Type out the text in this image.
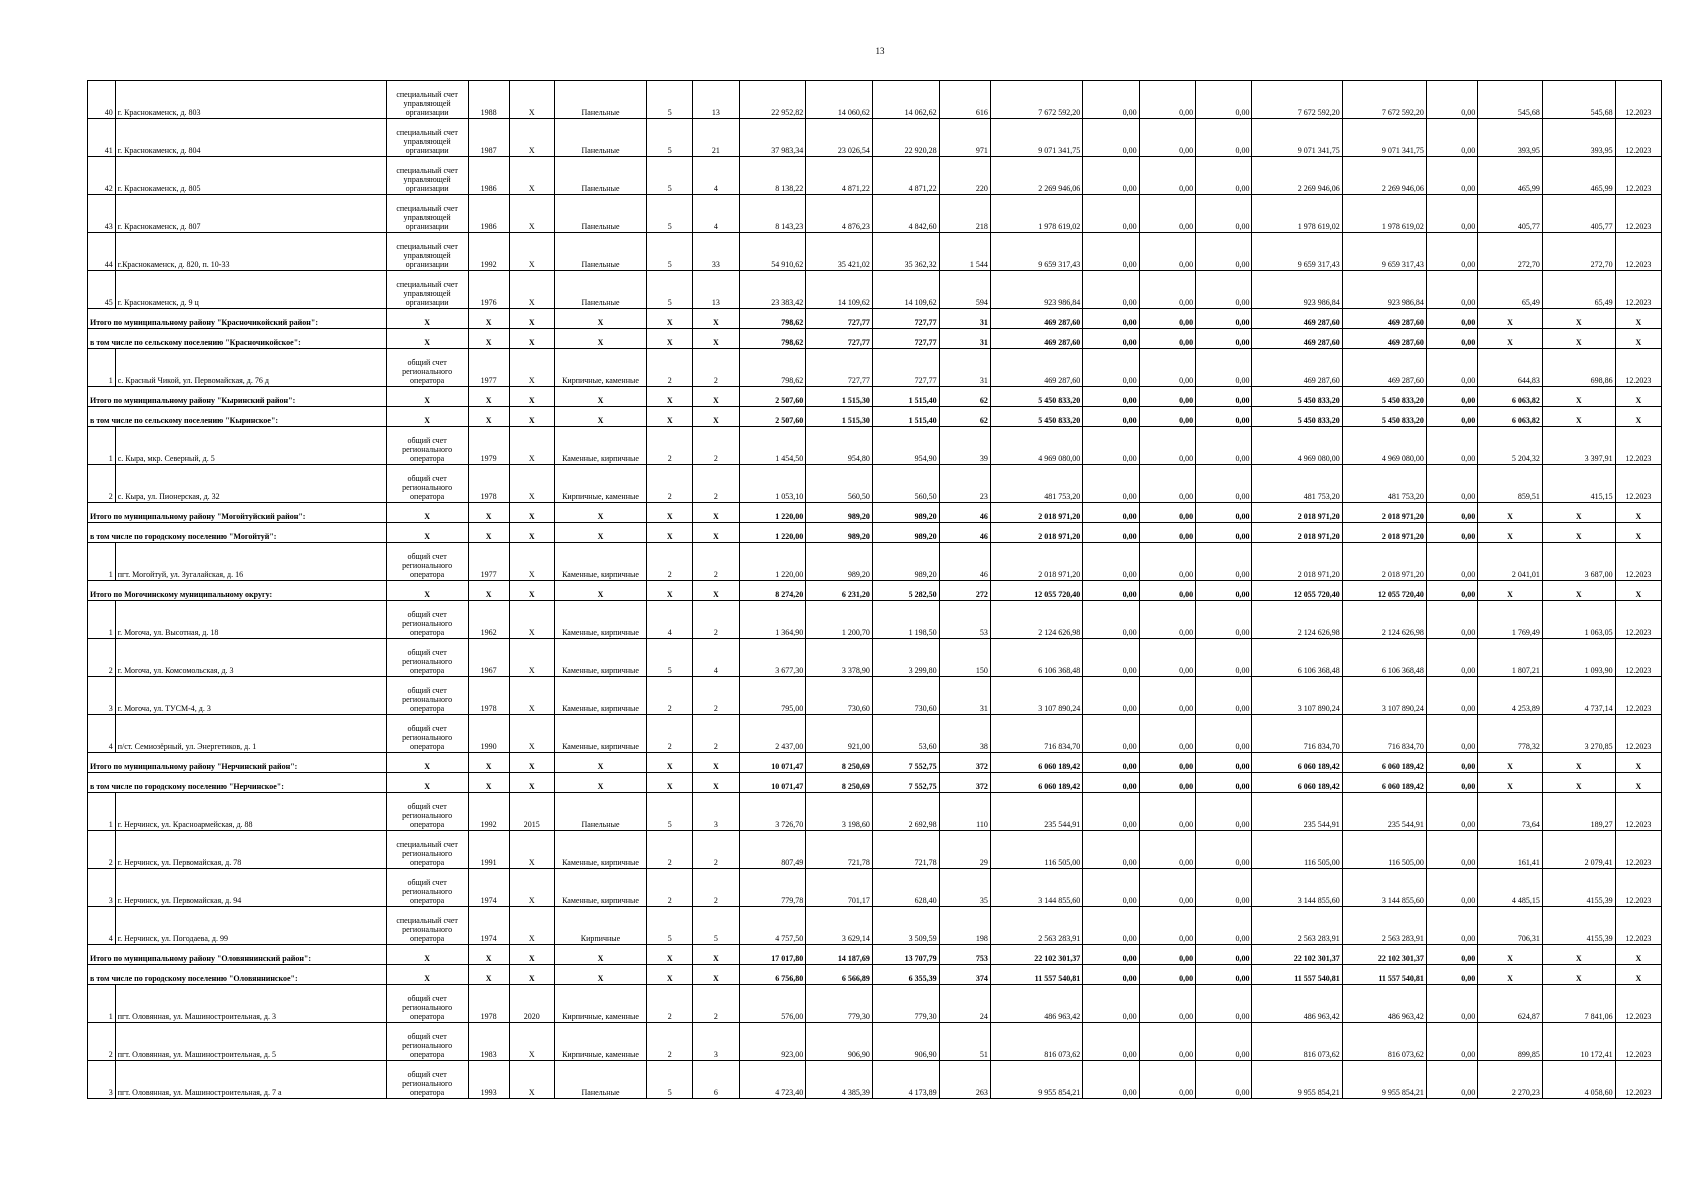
13
40	г. Краснокаменск, д. 803	специальный счет управляющей организации	1988	X	Панельные	5	13	22 952,82	14 060,62	14 062,62	616	7 672 592,20	0,00	0,00	0,00	7 672 592,20	7 672 592,20	0,00	545,68	545,68	12.2023
41	г. Краснокаменск, д. 804	специальный счет управляющей организации	1987	X	Панельные	5	21	37 983,34	23 026,54	22 920,28	971	9 071 341,75	0,00	0,00	0,00	9 071 341,75	9 071 341,75	0,00	393,95	393,95	12.2023
42	г. Краснокаменск, д. 805	специальный счет управляющей организации	1986	X	Панельные	5	4	8 138,22	4 871,22	4 871,22	220	2 269 946,06	0,00	0,00	0,00	2 269 946,06	2 269 946,06	0,00	465,99	465,99	12.2023
43	г. Краснокаменск, д. 807	специальный счет управляющей организации	1986	X	Панельные	5	4	8 143,23	4 876,23	4 842,60	218	1 978 619,02	0,00	0,00	0,00	1 978 619,02	1 978 619,02	0,00	405,77	405,77	12.2023
44	г.Краснокаменск, д. 820, п. 10-33	специальный счет управляющей организации	1992	X	Панельные	5	33	54 910,62	35 421,02	35 362,32	1 544	9 659 317,43	0,00	0,00	0,00	9 659 317,43	9 659 317,43	0,00	272,70	272,70	12.2023
45	г. Краснокаменск, д. 9 ц	специальный счет управляющей организации	1976	X	Панельные	5	13	23 383,42	14 109,62	14 109,62	594	923 986,84	0,00	0,00	0,00	923 986,84	923 986,84	0,00	65,49	65,49	12.2023
Итого по муниципальному району "Красночикойский район":		X	X	X	X	X	X	798,62	727,77	727,77	31	469 287,60	0,00	0,00	0,00	469 287,60	469 287,60	0,00	X	X	X
в том числе по сельскому поселению "Красночикойское":		X	X	X	X	X	X	798,62	727,77	727,77	31	469 287,60	0,00	0,00	0,00	469 287,60	469 287,60	0,00	X	X	X
1	с. Красный Чикой, ул. Первомайская, д. 76 д	общий счет регионального оператора	1977	X	Кирпичные, каменные	2	2	798,62	727,77	727,77	31	469 287,60	0,00	0,00	0,00	469 287,60	469 287,60	0,00	644,83	698,86	12.2023
Итого по муниципальному району "Кыринский район":		X	X	X	X	X	X	2 507,60	1 515,30	1 515,40	62	5 450 833,20	0,00	0,00	0,00	5 450 833,20	5 450 833,20	0,00	6 063,82	X	X
в том числе по сельскому поселению "Кыринское":		X	X	X	X	X	X	2 507,60	1 515,30	1 515,40	62	5 450 833,20	0,00	0,00	0,00	5 450 833,20	5 450 833,20	0,00	6 063,82	X	X
1	с. Кыра, мкр. Северный, д. 5	общий счет регионального оператора	1979	X	Каменные, кирпичные	2	2	1 454,50	954,80	954,90	39	4 969 080,00	0,00	0,00	0,00	4 969 080,00	4 969 080,00	0,00	5 204,32	3 397,91	12.2023
2	с. Кыра, ул. Пионерская, д. 32	общий счет регионального оператора	1978	X	Кирпичные, каменные	2	2	1 053,10	560,50	560,50	23	481 753,20	0,00	0,00	0,00	481 753,20	481 753,20	0,00	859,51	415,15	12.2023
Итого по муниципальному району "Могойтуйский район":		X	X	X	X	X	X	1 220,00	989,20	989,20	46	2 018 971,20	0,00	0,00	0,00	2 018 971,20	2 018 971,20	0,00	X	X	X
в том числе по городскому поселению "Могойтуй":		X	X	X	X	X	X	1 220,00	989,20	989,20	46	2 018 971,20	0,00	0,00	0,00	2 018 971,20	2 018 971,20	0,00	X	X	X
1	пгт. Могойтуй, ул. Зугалайская, д. 16	общий счет регионального оператора	1977	X	Каменные, кирпичные	2	2	1 220,00	989,20	989,20	46	2 018 971,20	0,00	0,00	0,00	2 018 971,20	2 018 971,20	0,00	2 041,01	3 687,00	12.2023
Итого по Могочинскому муниципальному округу:		X	X	X	X	X	X	8 274,20	6 231,20	5 282,50	272	12 055 720,40	0,00	0,00	0,00	12 055 720,40	12 055 720,40	0,00	X	X	X
1	г. Могоча, ул. Высотная, д. 18	общий счет регионального оператора	1962	X	Каменные, кирпичные	4	2	1 364,90	1 200,70	1 198,50	53	2 124 626,98	0,00	0,00	0,00	2 124 626,98	2 124 626,98	0,00	1 769,49	1 063,05	12.2023
2	г. Могоча, ул. Комсомольская, д. 3	общий счет регионального оператора	1967	X	Каменные, кирпичные	5	4	3 677,30	3 378,90	3 299,80	150	6 106 368,48	0,00	0,00	0,00	6 106 368,48	6 106 368,48	0,00	1 807,21	1 093,90	12.2023
3	г. Могоча, ул. ТУСМ-4, д. 3	общий счет регионального оператора	1978	X	Каменные, кирпичные	2	2	795,00	730,60	730,60	31	3 107 890,24	0,00	0,00	0,00	3 107 890,24	3 107 890,24	0,00	4 253,89	4 737,14	12.2023
4	п/ст. Семиозёрный, ул. Энергетиков, д. 1	общий счет регионального оператора	1990	X	Каменные, кирпичные	2	2	2 437,00	921,00	53,60	38	716 834,70	0,00	0,00	0,00	716 834,70	716 834,70	0,00	778,32	3 270,85	12.2023
Итого по муниципальному району "Нерчинский район":		X	X	X	X	X	X	10 071,47	8 250,69	7 552,75	372	6 060 189,42	0,00	0,00	0,00	6 060 189,42	6 060 189,42	0,00	X	X	X
в том числе по городскому поселению "Нерчинское":		X	X	X	X	X	X	10 071,47	8 250,69	7 552,75	372	6 060 189,42	0,00	0,00	0,00	6 060 189,42	6 060 189,42	0,00	X	X	X
1	г. Нерчинск, ул. Красноармейская, д. 88	общий счет регионального оператора	1992	2015	Панельные	5	3	3 726,70	3 198,60	2 692,98	110	235 544,91	0,00	0,00	0,00	235 544,91	235 544,91	0,00	73,64	189,27	12.2023
2	г. Нерчинск, ул. Первомайская, д. 78	специальный счет регионального оператора	1991	X	Каменные, кирпичные	2	2	807,49	721,78	721,78	29	116 505,00	0,00	0,00	0,00	116 505,00	116 505,00	0,00	161,41	2 079,41	12.2023
3	г. Нерчинск, ул. Первомайская, д. 94	общий счет регионального оператора	1974	X	Каменные, кирпичные	2	2	779,78	701,17	628,40	35	3 144 855,60	0,00	0,00	0,00	3 144 855,60	3 144 855,60	0,00	4 485,15	4155,39	12.2023
4	г. Нерчинск, ул. Погодаева, д. 99	специальный счет регионального оператора	1974	X	Кирпичные	5	5	4 757,50	3 629,14	3 509,59	198	2 563 283,91	0,00	0,00	0,00	2 563 283,91	2 563 283,91	0,00	706,31	4155,39	12.2023
Итого по муниципальному району "Оловяннинский район":		X	X	X	X	X	X	17 017,80	14 187,69	13 707,79	753	22 102 301,37	0,00	0,00	0,00	22 102 301,37	22 102 301,37	0,00	X	X	X
в том числе по городскому поселению "Оловяннинское":		X	X	X	X	X	X	6 756,80	6 566,89	6 355,39	374	11 557 540,81	0,00	0,00	0,00	11 557 540,81	11 557 540,81	0,00	X	X	X
1	пгт. Оловянная, ул. Машиностроительная, д. 3	общий счет регионального оператора	1978	2020	Кирпичные, каменные	2	2	576,00	779,30	779,30	24	486 963,42	0,00	0,00	0,00	486 963,42	486 963,42	0,00	624,87	7 841,06	12.2023
2	пгт. Оловянная, ул. Машиностроительная, д. 5	общий счет регионального оператора	1983	X	Кирпичные, каменные	2	3	923,00	906,90	906,90	51	816 073,62	0,00	0,00	0,00	816 073,62	816 073,62	0,00	899,85	10 172,41	12.2023
3	пгт. Оловянная, ул. Машиностроительная, д. 7 а	общий счет регионального оператора	1993	X	Панельные	5	6	4 723,40	4 385,39	4 173,89	263	9 955 854,21	0,00	0,00	0,00	9 955 854,21	9 955 854,21	0,00	2 270,23	4 058,60	12.2023
